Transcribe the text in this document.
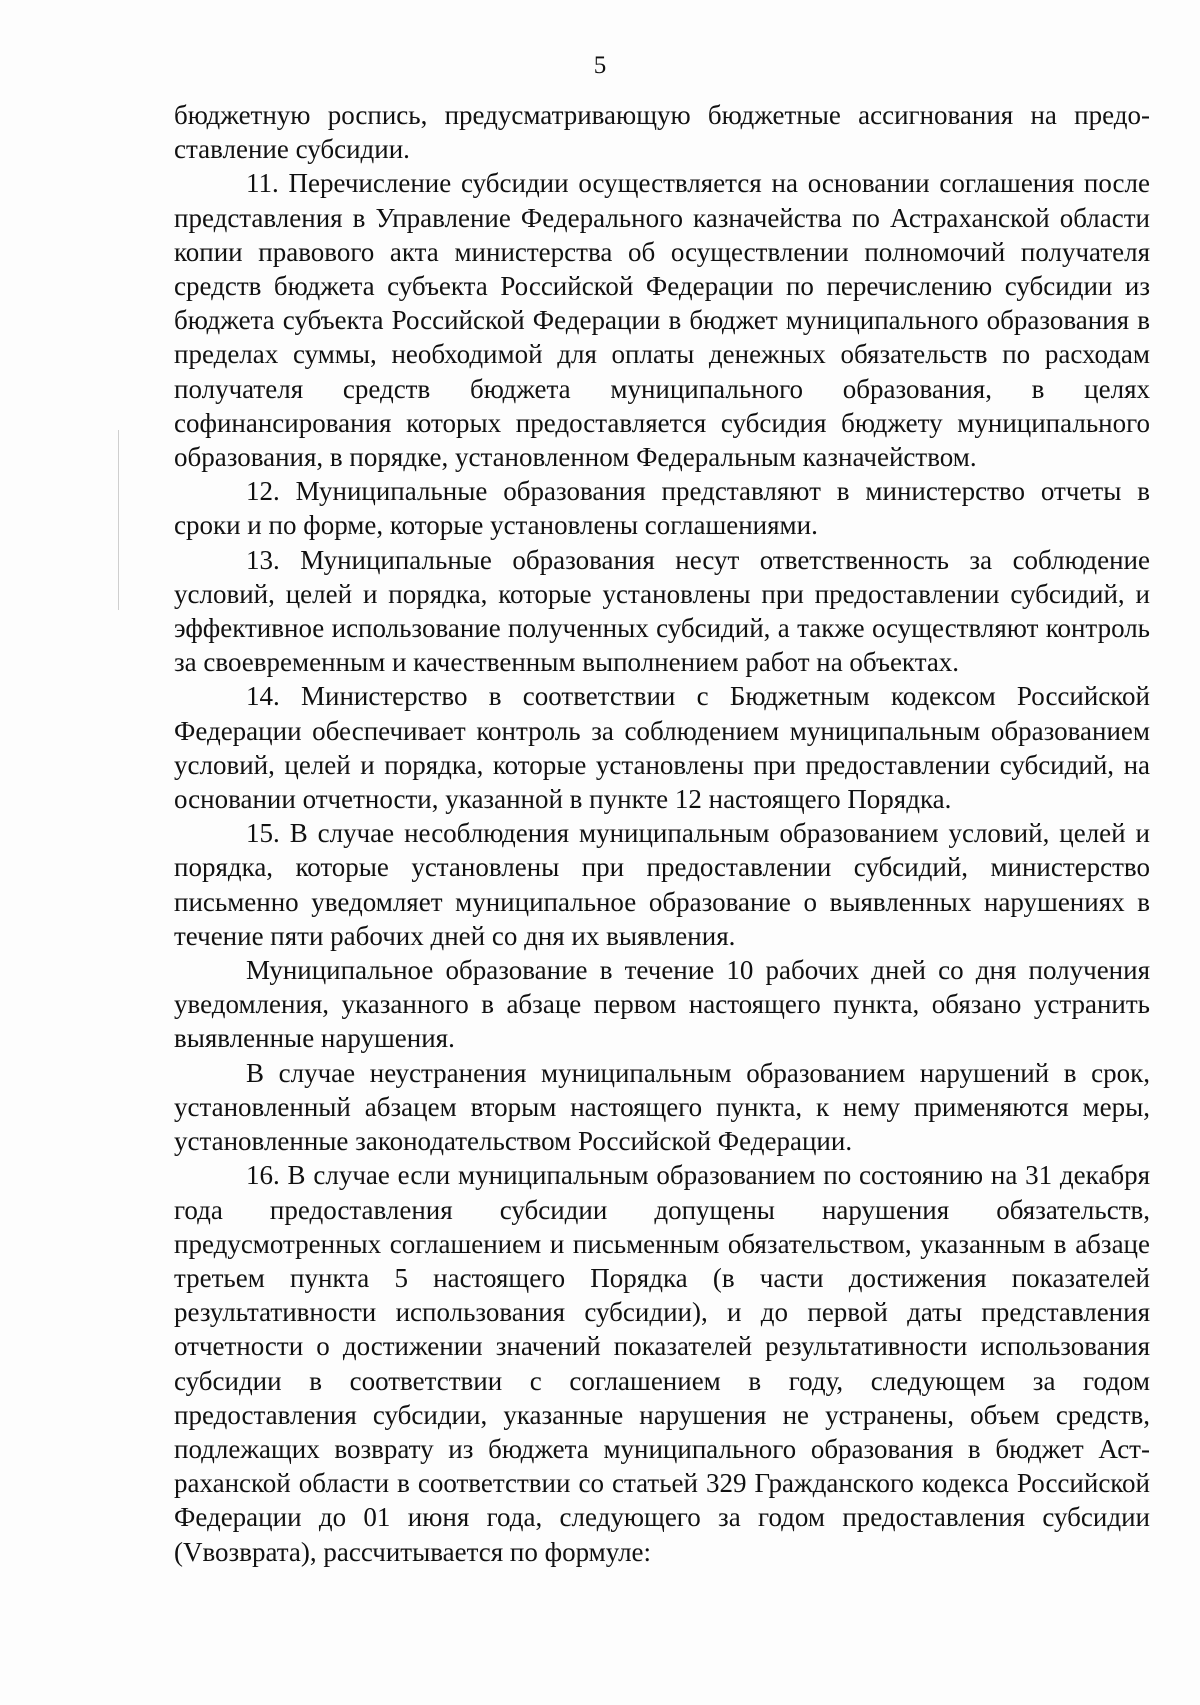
5

бюджетную роспись, предусматривающую бюджетные ассигнования на предоставление субсидии.

11. Перечисление субсидии осуществляется на основании соглашения после представления в Управление Федерального казначейства по Астраханской области копии правового акта министерства об осуществлении полномочий получателя средств бюджета субъекта Российской Федерации по перечислению субсидии из бюджета субъекта Российской Федерации в бюджет муниципального образования в пределах суммы, необходимой для оплаты денежных обязательств по расходам получателя средств бюджета муниципального образования, в целях софинансирования которых предоставляется субсидия бюджету муниципального образования, в порядке, установленном Федеральным казначейством.

12. Муниципальные образования представляют в министерство отчеты в сроки и по форме, которые установлены соглашениями.

13. Муниципальные образования несут ответственность за соблюдение условий, целей и порядка, которые установлены при предоставлении субсидий, и эффективное использование полученных субсидий, а также осуществляют контроль за своевременным и качественным выполнением работ на объектах.

14. Министерство в соответствии с Бюджетным кодексом Российской Федерации обеспечивает контроль за соблюдением муниципальным образованием условий, целей и порядка, которые установлены при предоставлении субсидий, на основании отчетности, указанной в пункте 12 настоящего Порядка.

15. В случае несоблюдения муниципальным образованием условий, целей и порядка, которые установлены при предоставлении субсидий, министерство письменно уведомляет муниципальное образование о выявленных нарушениях в течение пяти рабочих дней со дня их выявления.

Муниципальное образование в течение 10 рабочих дней со дня получения уведомления, указанного в абзаце первом настоящего пункта, обязано устранить выявленные нарушения.

В случае неустранения муниципальным образованием нарушений в срок, установленный абзацем вторым настоящего пункта, к нему применяются меры, установленные законодательством Российской Федерации.

16. В случае если муниципальным образованием по состоянию на 31 декабря года предоставления субсидии допущены нарушения обязательств, предусмотренных соглашением и письменным обязательством, указанным в абзаце третьем пункта 5 настоящего Порядка (в части достижения показателей результативности использования субсидии), и до первой даты представления отчетности о достижении значений показателей результативности использования субсидии в соответствии с соглашением в году, следующем за годом предоставления субсидии, указанные нарушения не устранены, объем средств, подлежащих возврату из бюджета муниципального образования в бюджет Астраханской области в соответствии со статьей 329 Гражданского кодекса Российской Федерации до 01 июня года, следующего за годом предоставления субсидии (Vвозврата), рассчитывается по формуле:
